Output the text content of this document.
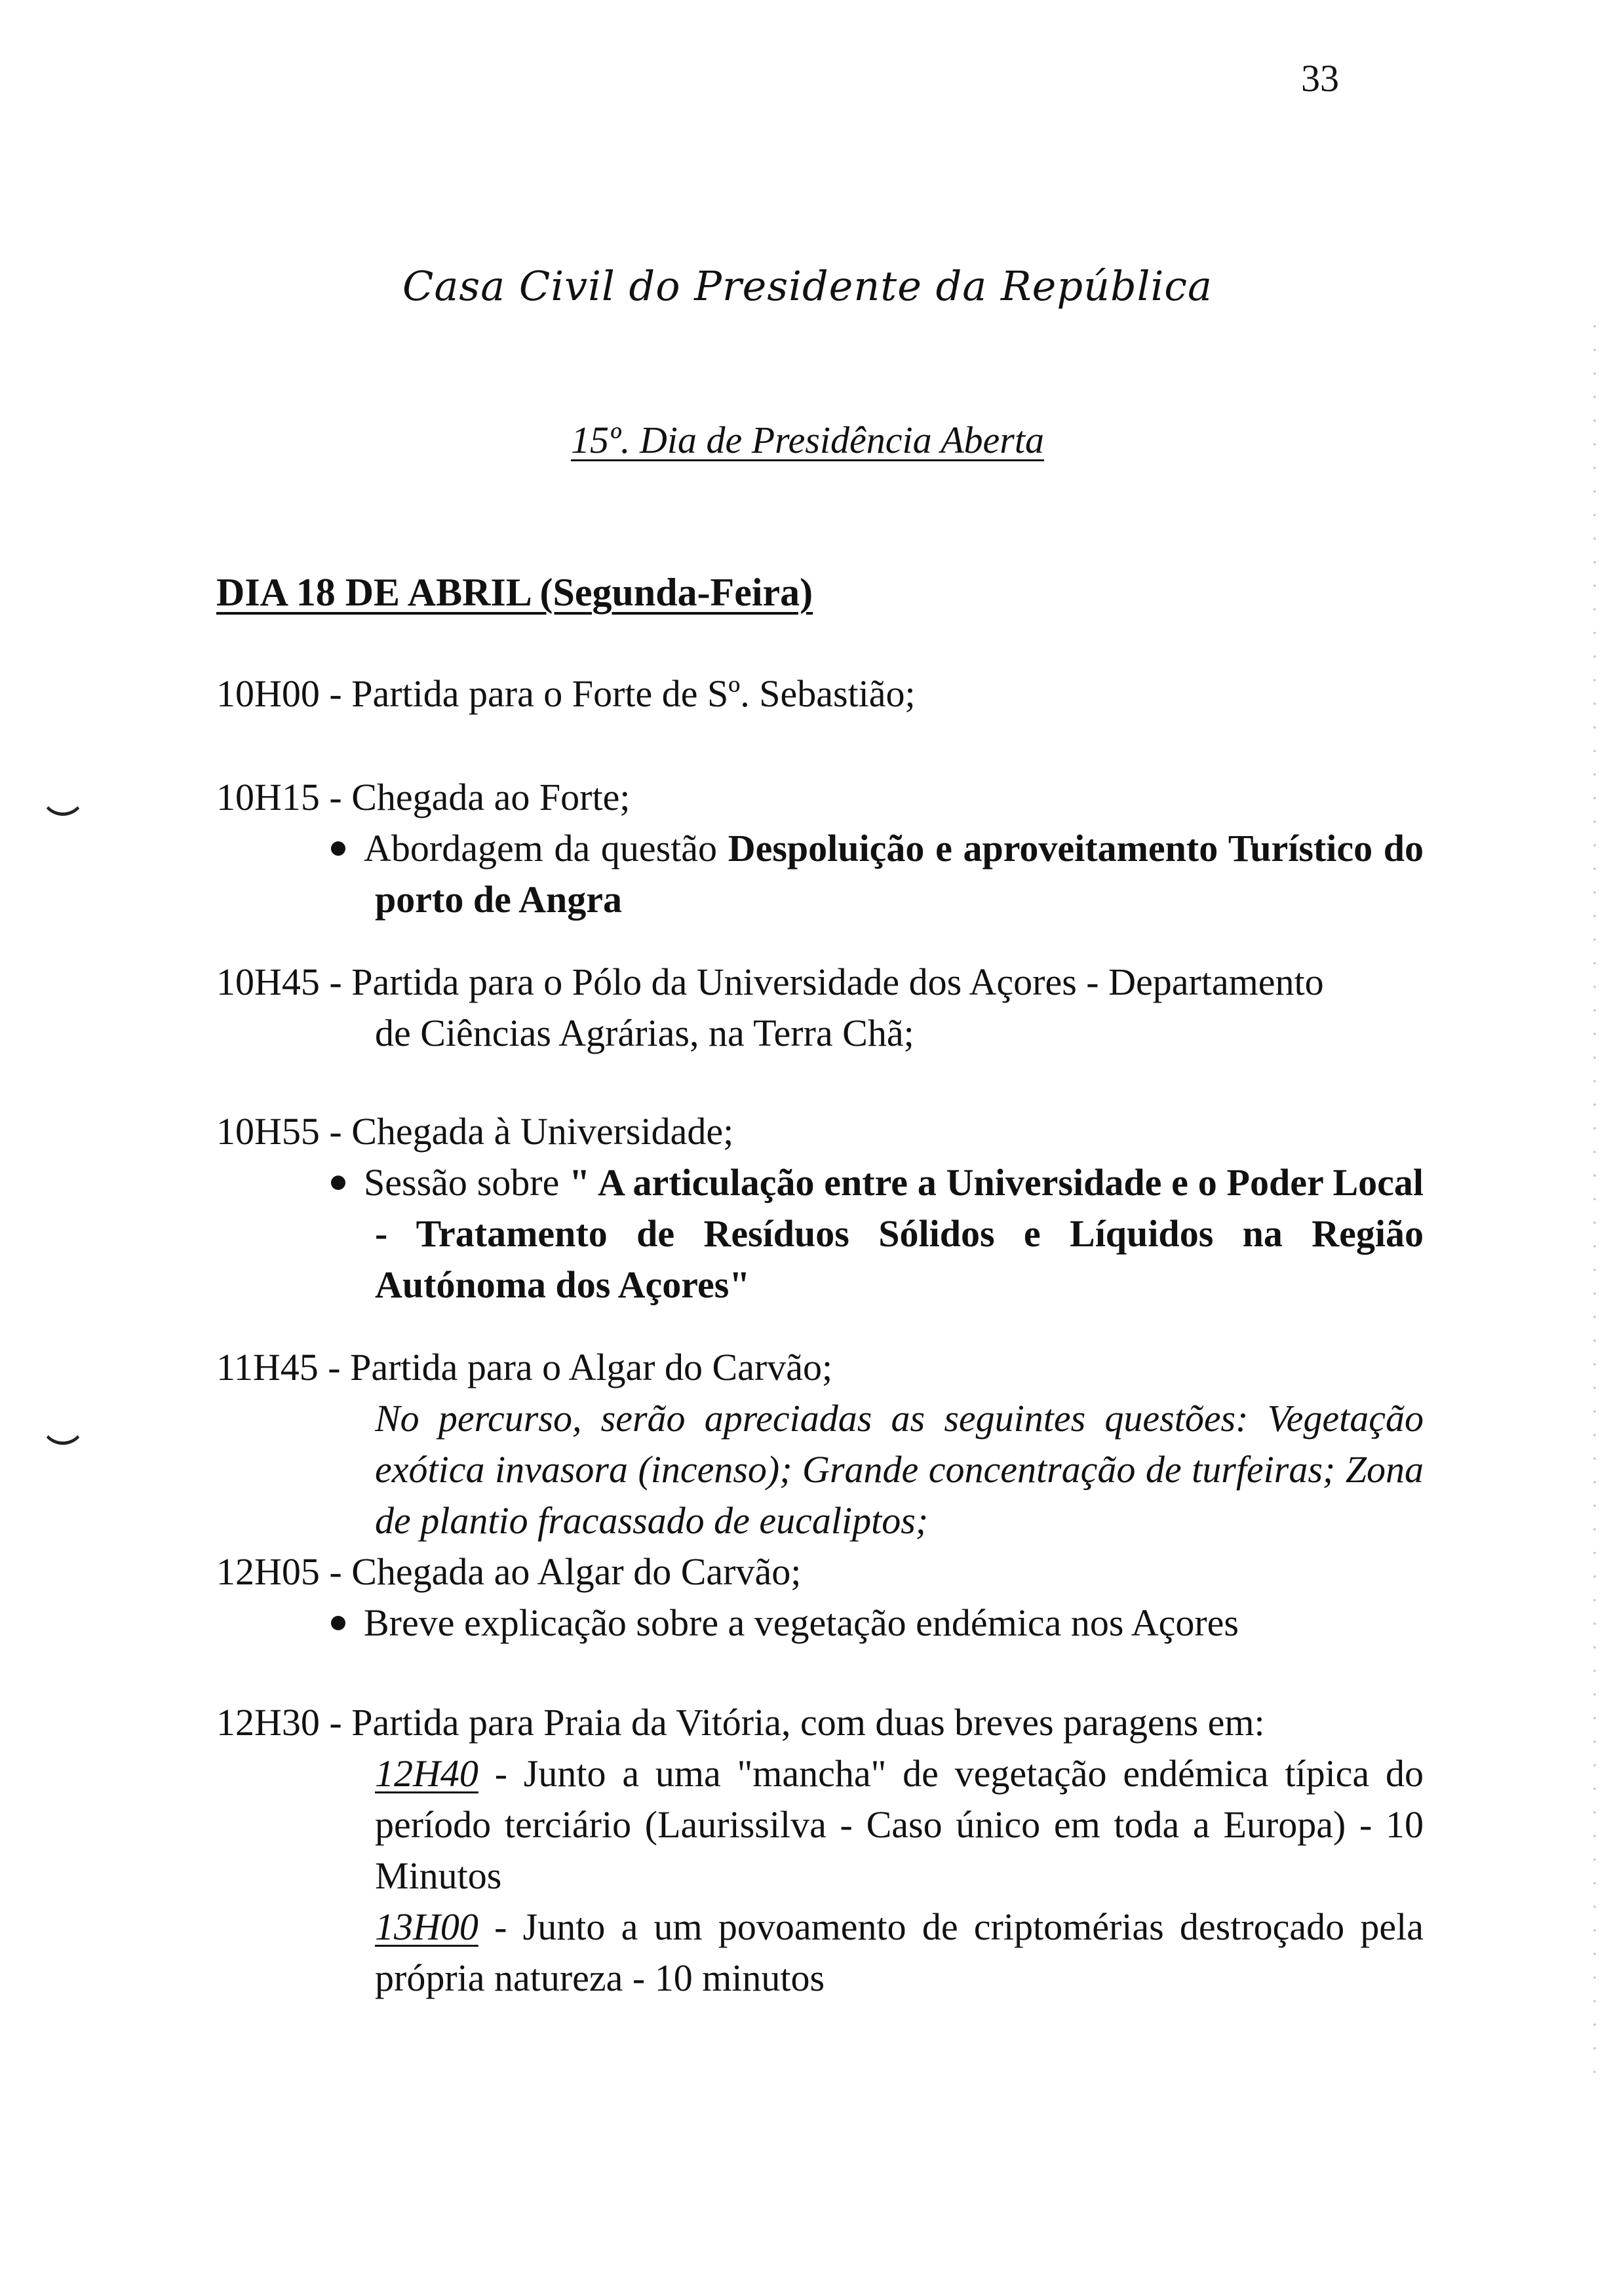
33
Casa Civil do Presidente da República
15º. Dia de Presidência Aberta
DIA 18 DE ABRIL (Segunda-Feira)
10H00 - Partida para o Forte de Sº. Sebastião;
10H15 - Chegada ao Forte;
Abordagem da questão Despoluição e aproveitamento Turístico do porto de Angra
10H45 - Partida para o Pólo da Universidade dos Açores - Departamento
de Ciências Agrárias, na Terra Chã;
10H55 - Chegada à Universidade;
Sessão sobre " A articulação entre a Universidade e o Poder Local - Tratamento de Resíduos Sólidos e Líquidos na Região Autónoma dos Açores"
11H45 - Partida para o Algar do Carvão;
No percurso, serão apreciadas as seguintes questões: Vegetação exótica invasora (incenso); Grande concentração de turfeiras; Zona de plantio fracassado de eucaliptos;
12H05 - Chegada ao Algar do Carvão;
Breve explicação sobre a vegetação endémica nos Açores
12H30 - Partida para Praia da Vitória, com duas breves paragens em:
12H40 - Junto a uma "mancha" de vegetação endémica típica do período terciário (Laurissilva - Caso único em toda a Europa) - 10 Minutos
13H00 - Junto a um povoamento de criptomérias destroçado pela própria natureza - 10 minutos
